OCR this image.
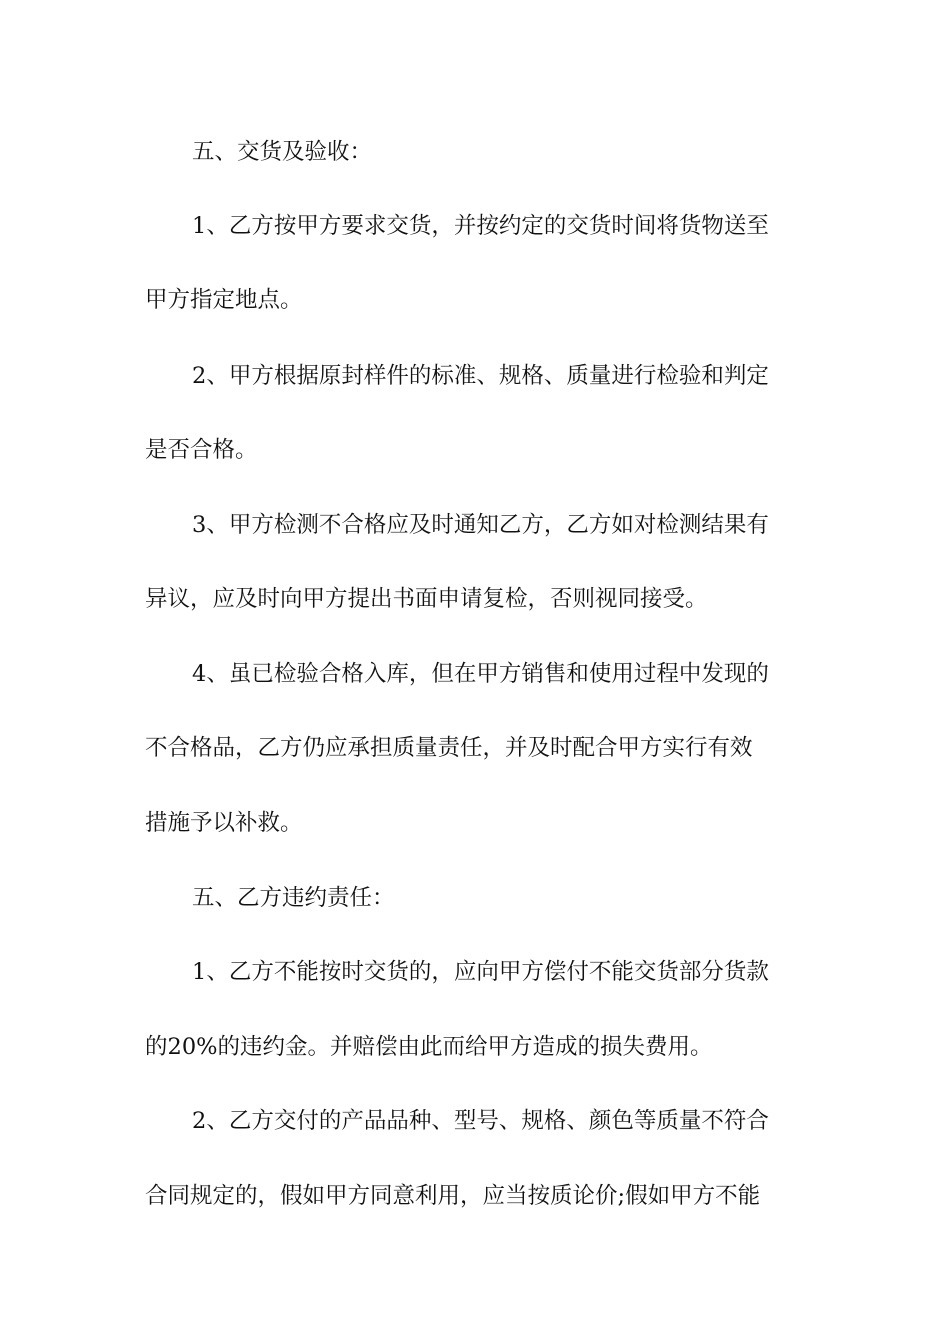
五、交货及验收：

1、乙方按甲方要求交货，并按约定的交货时间将货物送至

甲方指定地点。

2、甲方根据原封样件的标准、规格、质量进行检验和判定

是否合格。

3、甲方检测不合格应及时通知乙方，乙方如对检测结果有

异议，应及时向甲方提出书面申请复检，否则视同接受。

4、虽已检验合格入库，但在甲方销售和使用过程中发现的

不合格品，乙方仍应承担质量责任，并及时配合甲方实行有效

措施予以补救。

五、乙方违约责任：

1、乙方不能按时交货的，应向甲方偿付不能交货部分货款

的20%的违约金。并赔偿由此而给甲方造成的损失费用。

2、乙方交付的产品品种、型号、规格、颜色等质量不符合

合同规定的，假如甲方同意利用，应当按质论价;假如甲方不能
